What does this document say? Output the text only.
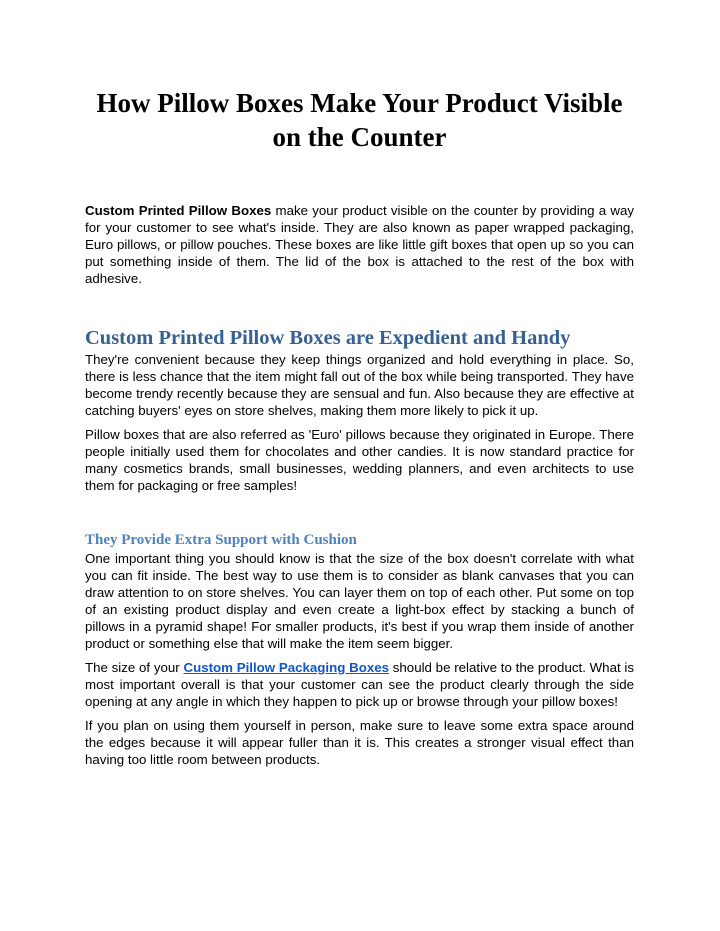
How Pillow Boxes Make Your Product Visible on the Counter

Custom Printed Pillow Boxes make your product visible on the counter by providing a way for your customer to see what's inside. They are also known as paper wrapped packaging, Euro pillows, or pillow pouches. These boxes are like little gift boxes that open up so you can put something inside of them. The lid of the box is attached to the rest of the box with adhesive.

Custom Printed Pillow Boxes are Expedient and Handy

They're convenient because they keep things organized and hold everything in place. So, there is less chance that the item might fall out of the box while being transported. They have become trendy recently because they are sensual and fun. Also because they are effective at catching buyers' eyes on store shelves, making them more likely to pick it up.

Pillow boxes that are also referred as 'Euro' pillows because they originated in Europe. There people initially used them for chocolates and other candies. It is now standard practice for many cosmetics brands, small businesses, wedding planners, and even architects to use them for packaging or free samples!

They Provide Extra Support with Cushion

One important thing you should know is that the size of the box doesn't correlate with what you can fit inside. The best way to use them is to consider as blank canvases that you can draw attention to on store shelves. You can layer them on top of each other. Put some on top of an existing product display and even create a light-box effect by stacking a bunch of pillows in a pyramid shape! For smaller products, it's best if you wrap them inside of another product or something else that will make the item seem bigger.

The size of your Custom Pillow Packaging Boxes should be relative to the product. What is most important overall is that your customer can see the product clearly through the side opening at any angle in which they happen to pick up or browse through your pillow boxes!

If you plan on using them yourself in person, make sure to leave some extra space around the edges because it will appear fuller than it is. This creates a stronger visual effect than having too little room between products.
